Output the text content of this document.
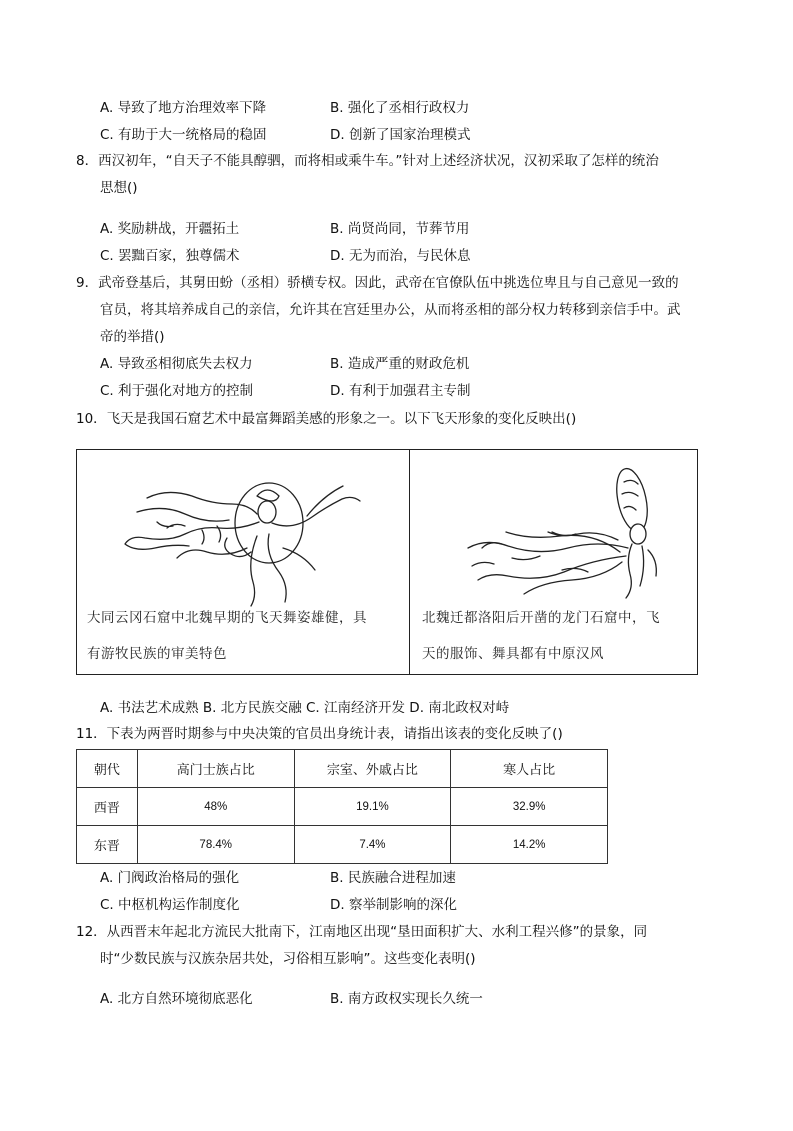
A. 导致了地方治理效率下降	B. 强化了丞相行政权力
C. 有助于大一统格局的稳固	D. 创新了国家治理模式
8．西汉初年，“自天子不能具醇驷，而将相或乘牛车。”针对上述经济状况，汉初采取了怎样的统治
思想()
A. 奖励耕战，开疆拓土	B. 尚贤尚同，节葬节用
C. 罢黜百家，独尊儒术	D. 无为而治，与民休息
9．武帝登基后，其舅田蚡（丞相）骄横专权。因此，武帝在官僚队伍中挑选位卑且与自己意见一致的
官员，将其培养成自己的亲信，允许其在宫廷里办公，从而将丞相的部分权力转移到亲信手中。武
帝的举措()
A. 导致丞相彻底失去权力	B. 造成严重的财政危机
C. 利于强化对地方的控制	D. 有利于加强君主专制
10．飞天是我国石窟艺术中最富舞蹈美感的形象之一。以下飞天形象的变化反映出()
大同云冈石窟中北魏早期的飞天舞姿雄健，具
有游牧民族的审美特色
北魏迁都洛阳后开凿的龙门石窟中，飞
天的服饰、舞具都有中原汉风
A. 书法艺术成熟 B. 北方民族交融 C. 江南经济开发 D. 南北政权对峙
11．下表为两晋时期参与中央决策的官员出身统计表，请指出该表的变化反映了()
朝代	高门士族占比	宗室、外戚占比	寒人占比
西晋	48%	19.1%	32.9%
东晋	78.4%	7.4%	14.2%
A. 门阀政治格局的强化	B. 民族融合进程加速
C. 中枢机构运作制度化	D. 察举制影响的深化
12．从西晋末年起北方流民大批南下，江南地区出现“垦田面积扩大、水利工程兴修”的景象，同
时“少数民族与汉族杂居共处，习俗相互影响”。这些变化表明()
A. 北方自然环境彻底恶化	B. 南方政权实现长久统一
